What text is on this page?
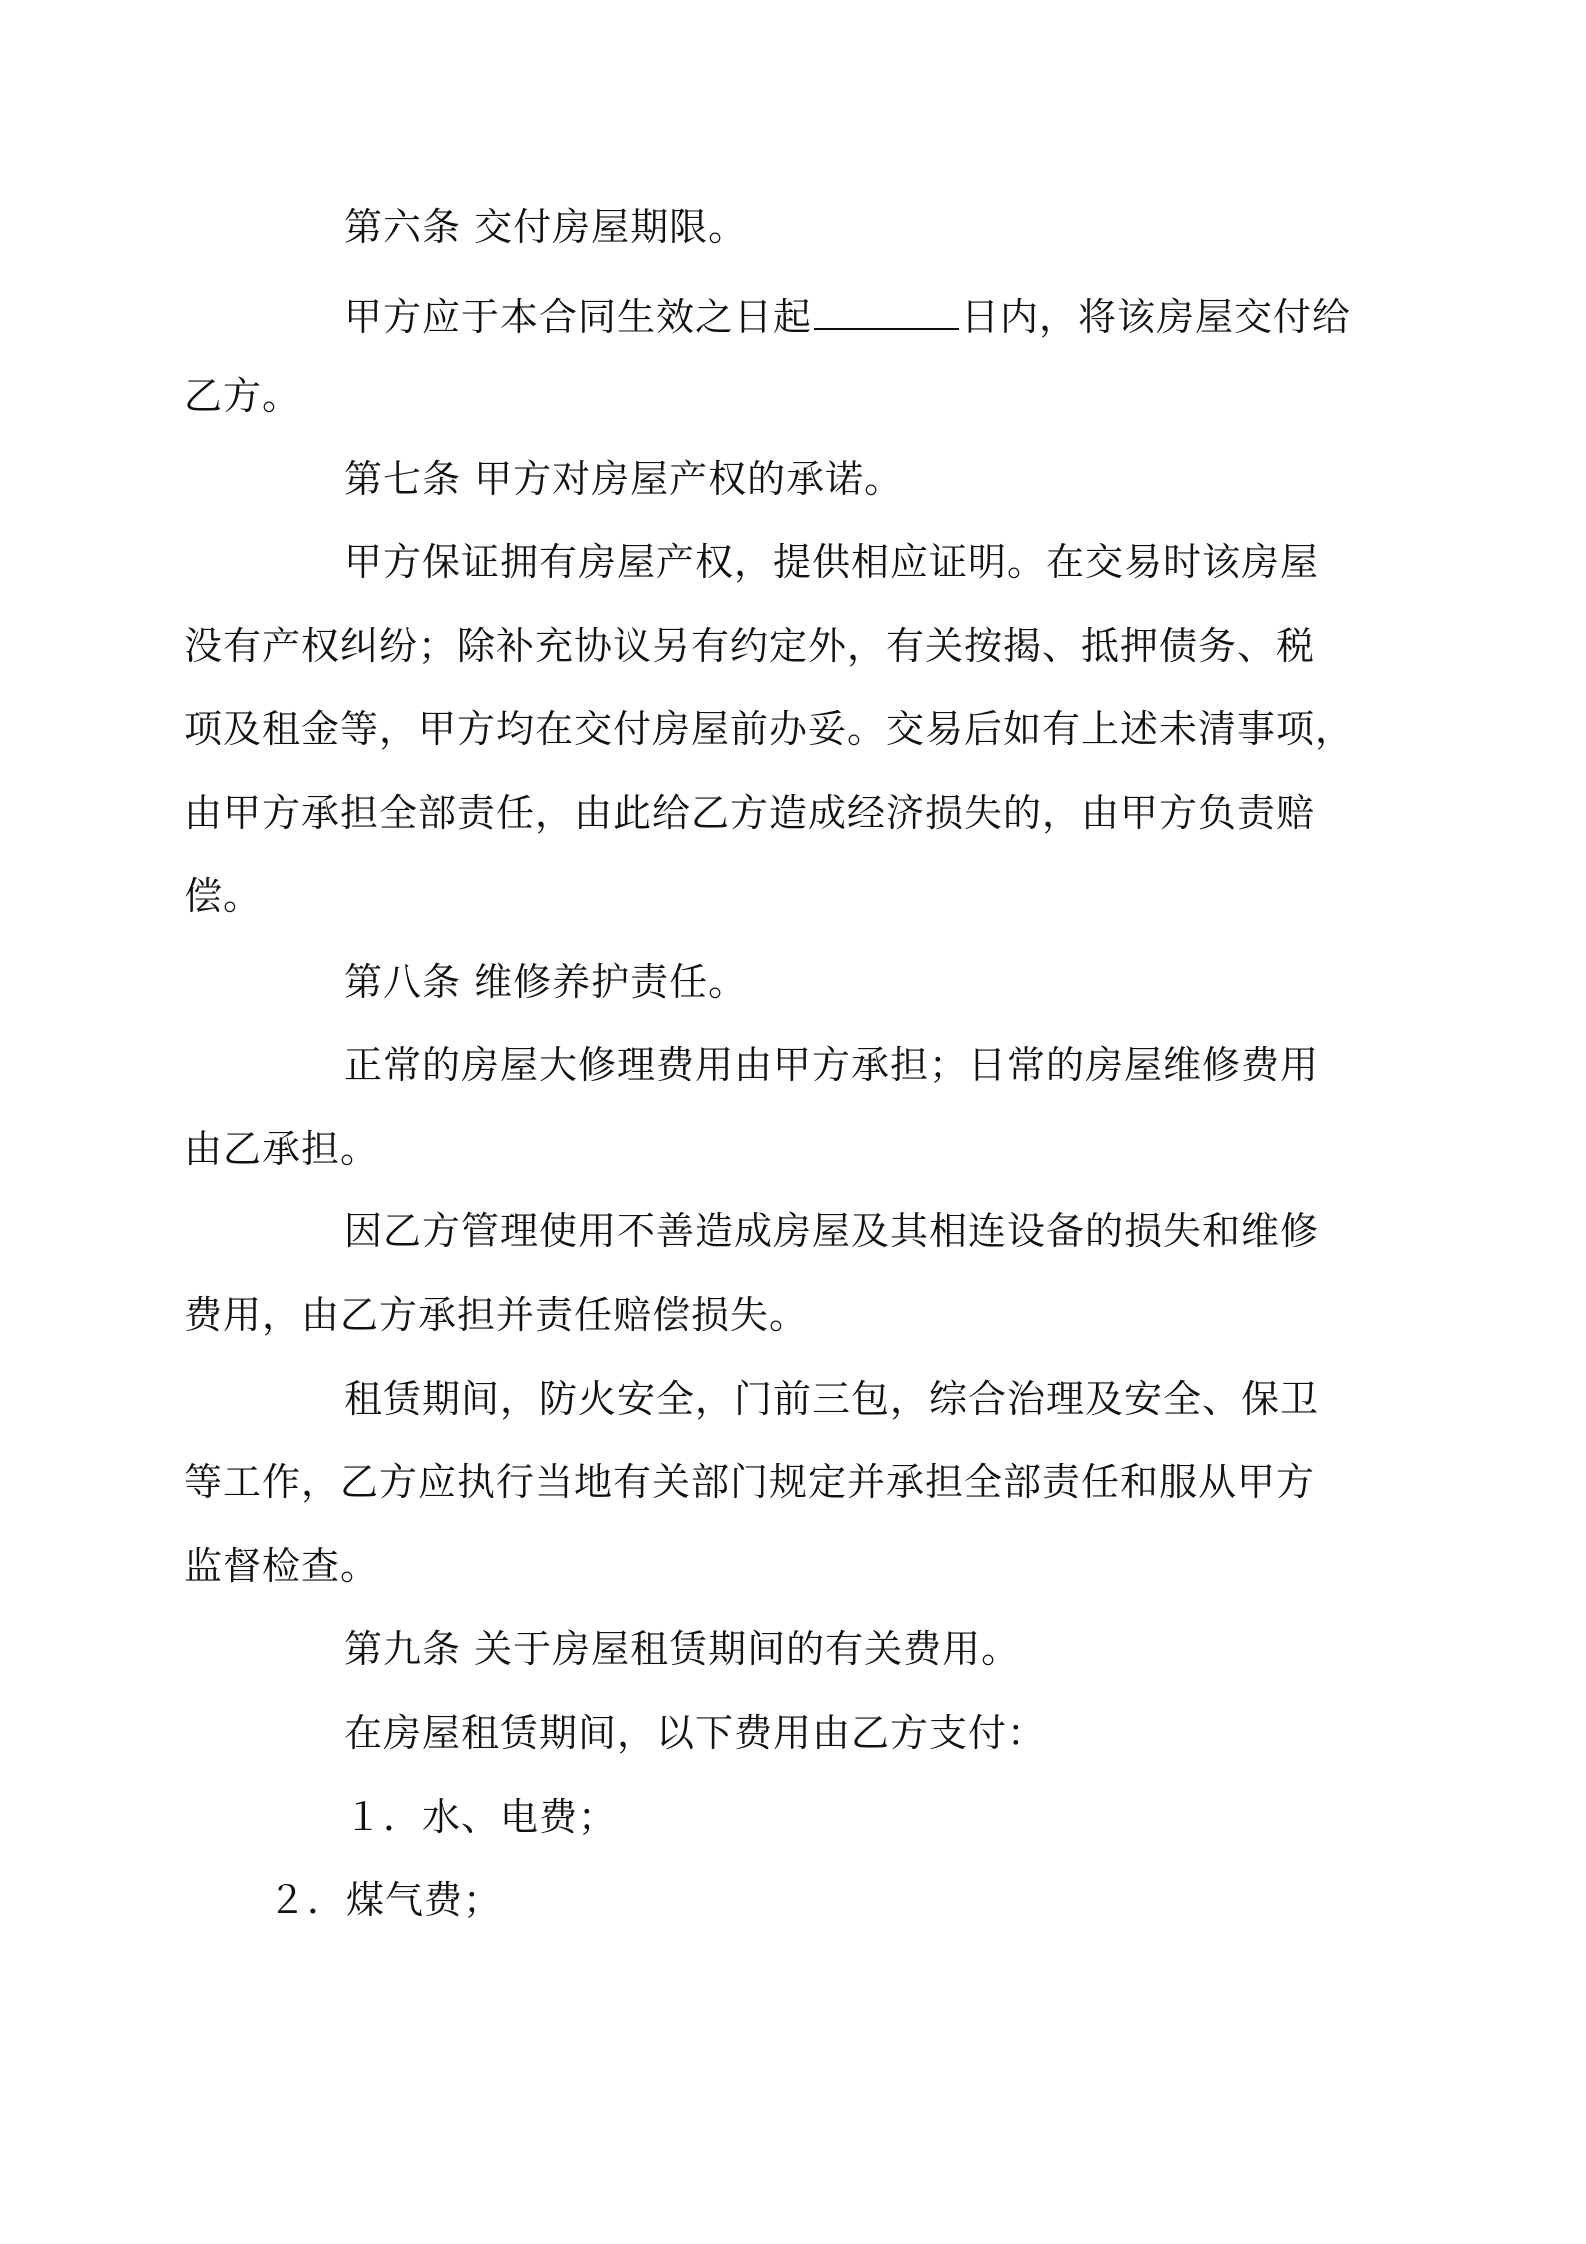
第六条 交付房屋期限。
甲方应于本合同生效之日起	日内，将该房屋交付给
乙方。
第七条 甲方对房屋产权的承诺。
甲方保证拥有房屋产权，提供相应证明。在交易时该房屋
没有产权纠纷；除补充协议另有约定外，有关按揭、抵押债务、税
项及租金等，甲方均在交付房屋前办妥。交易后如有上述未清事项，
由甲方承担全部责任，由此给乙方造成经济损失的，由甲方负责赔
偿。
第八条 维修养护责任。
正常的房屋大修理费用由甲方承担；日常的房屋维修费用
由乙承担。
因乙方管理使用不善造成房屋及其相连设备的损失和维修
费用，由乙方承担并责任赔偿损失。
租赁期间，防火安全，门前三包，综合治理及安全、保卫
等工作，乙方应执行当地有关部门规定并承担全部责任和服从甲方
监督检查。
第九条 关于房屋租赁期间的有关费用。
在房屋租赁期间，以下费用由乙方支付：
１．水、电费；
２．煤气费；
